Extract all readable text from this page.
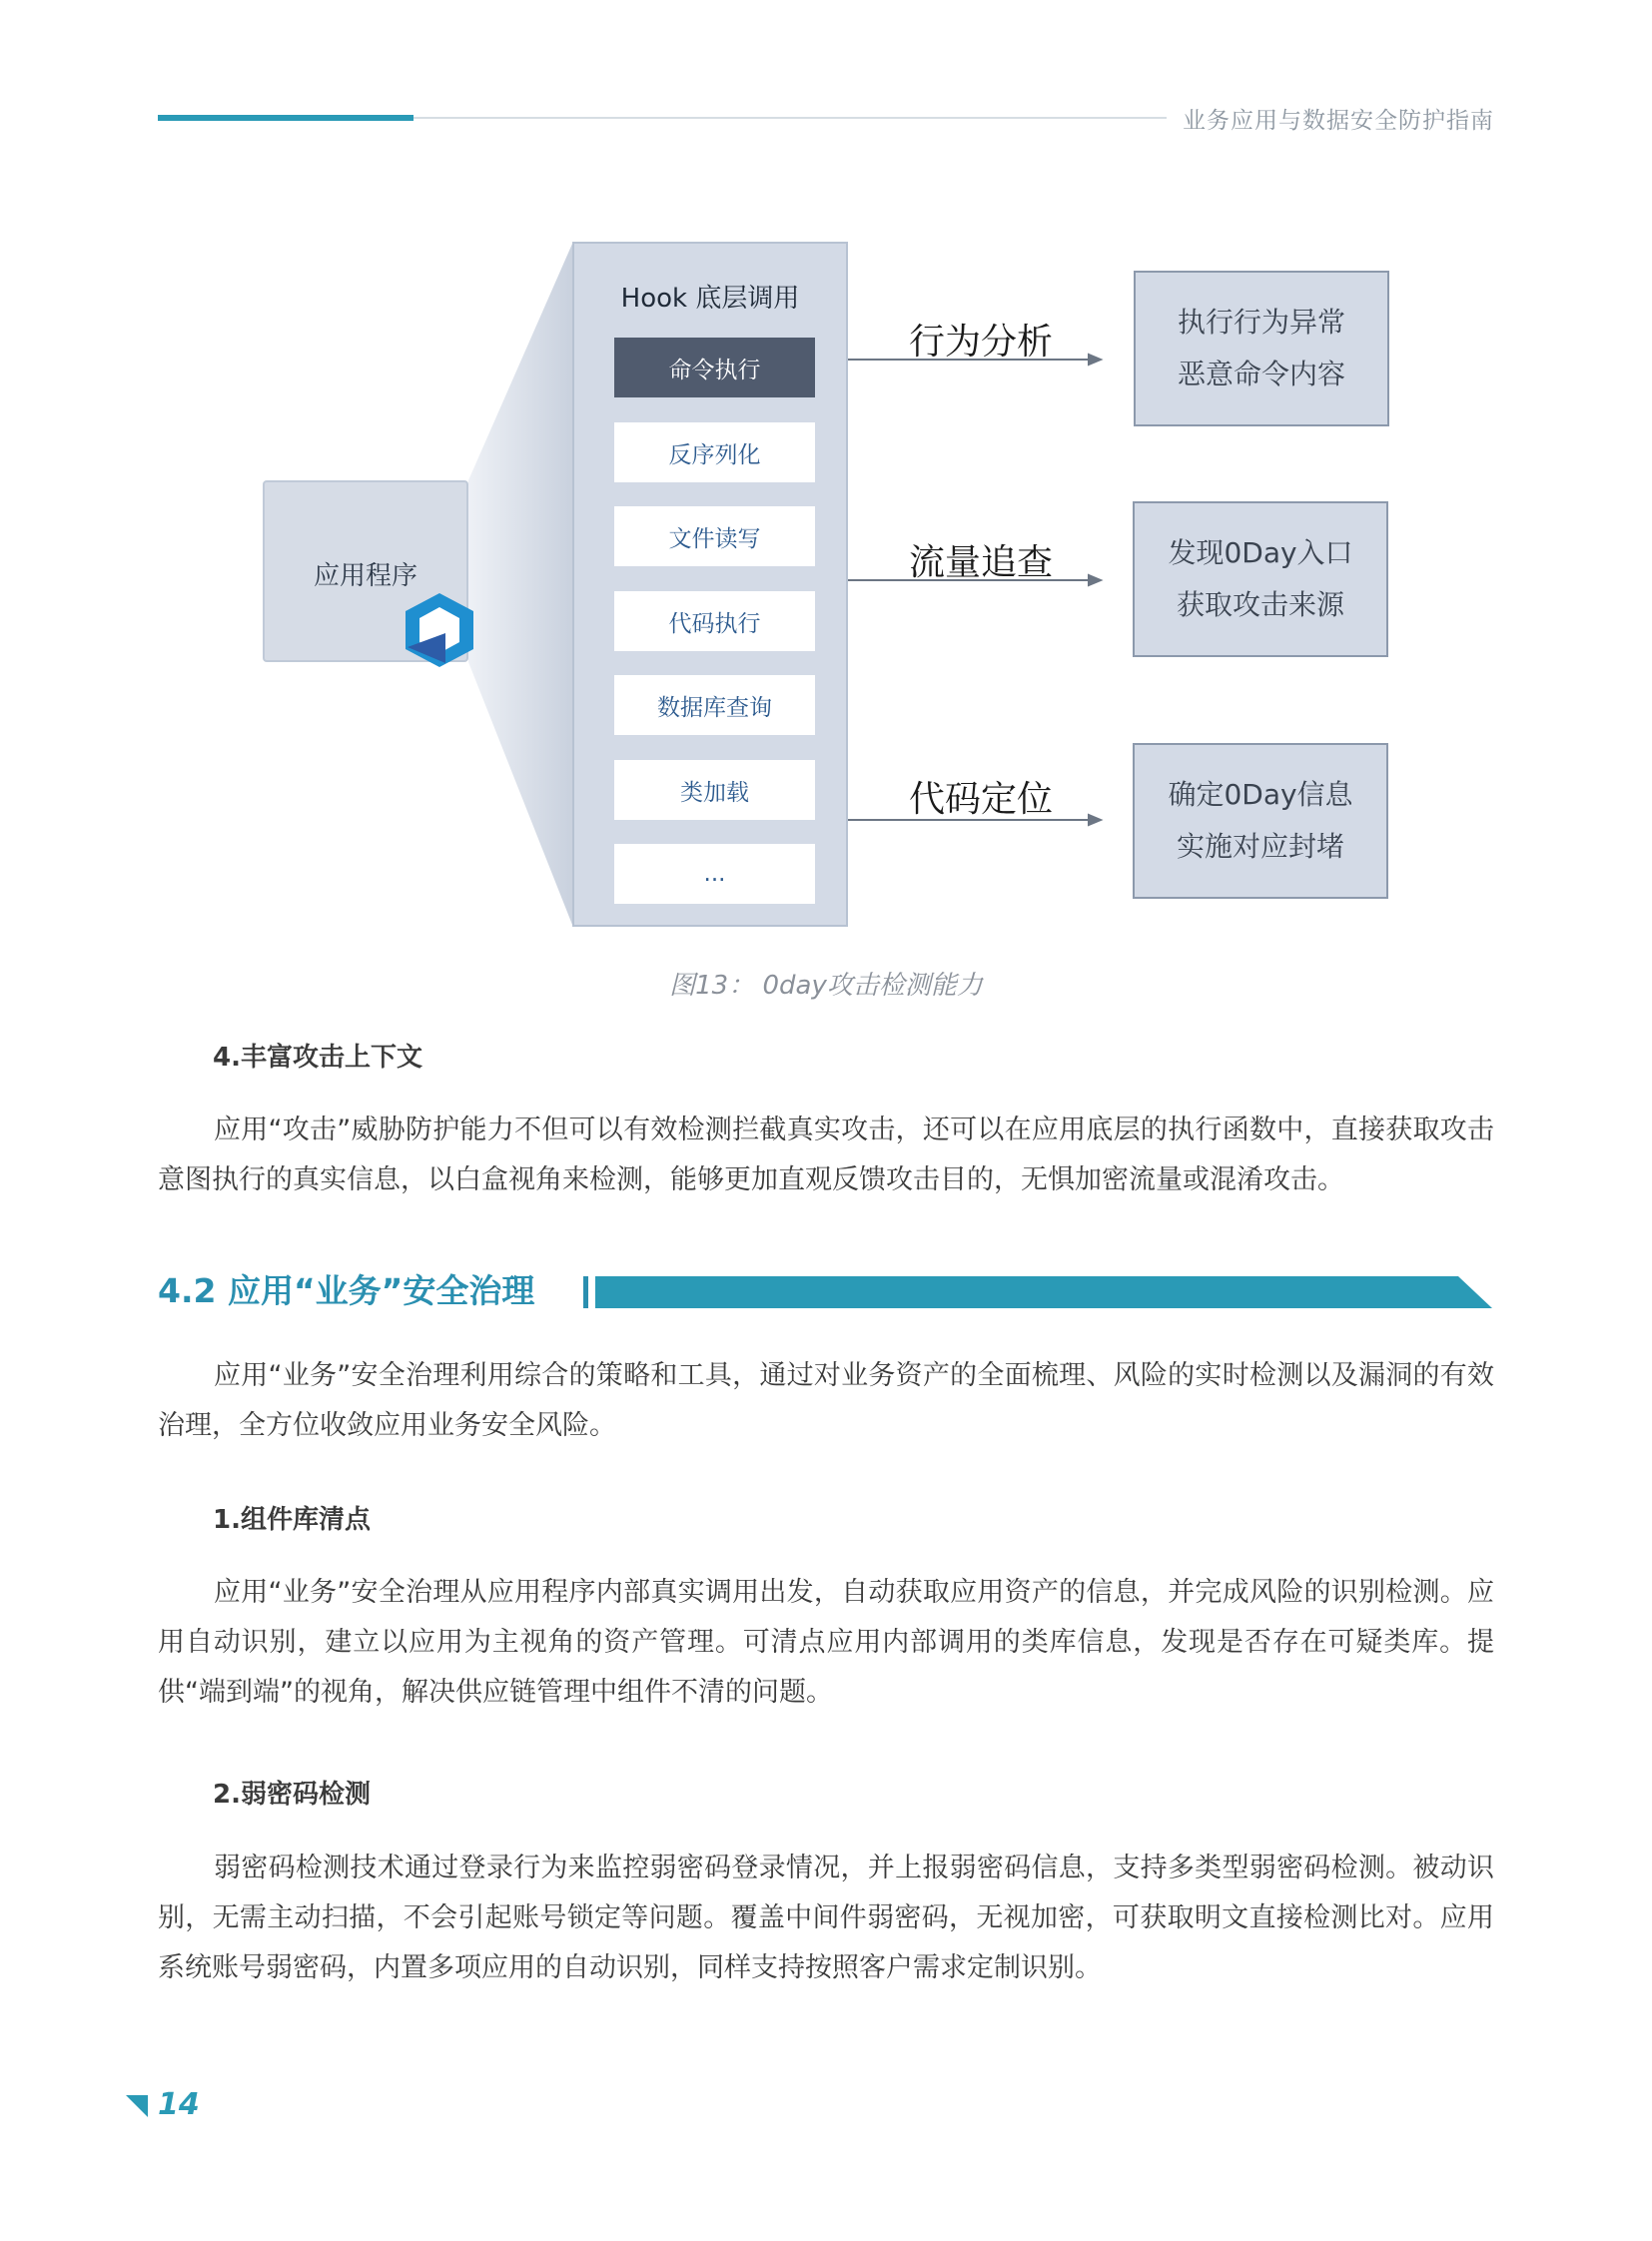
业务应用与数据安全防护指南
应用程序
Hook 底层调用
命令执行
反序列化
文件读写
代码执行
数据库查询
类加载
...
行为分析
流量追查
代码定位
执行行为异常
恶意命令内容
发现0Day入口
获取攻击来源
确定0Day信息
实施对应封堵
图13： 0day攻击检测能力
4.丰富攻击上下文
应用“攻击”威胁防护能力不但可以有效检测拦截真实攻击，还可以在应用底层的执行函数中，直接获取攻击意图执行的真实信息，以白盒视角来检测，能够更加直观反馈攻击目的，无惧加密流量或混淆攻击。
4.2 应用“业务”安全治理
应用“业务”安全治理利用综合的策略和工具，通过对业务资产的全面梳理、风险的实时检测以及漏洞的有效治理，全方位收敛应用业务安全风险。
1.组件库清点
应用“业务”安全治理从应用程序内部真实调用出发，自动获取应用资产的信息，并完成风险的识别检测。应用自动识别，建立以应用为主视角的资产管理。可清点应用内部调用的类库信息，发现是否存在可疑类库。提供“端到端”的视角，解决供应链管理中组件不清的问题。
2.弱密码检测
弱密码检测技术通过登录行为来监控弱密码登录情况，并上报弱密码信息，支持多类型弱密码检测。被动识别，无需主动扫描，不会引起账号锁定等问题。覆盖中间件弱密码，无视加密，可获取明文直接检测比对。应用系统账号弱密码，内置多项应用的自动识别，同样支持按照客户需求定制识别。
14
